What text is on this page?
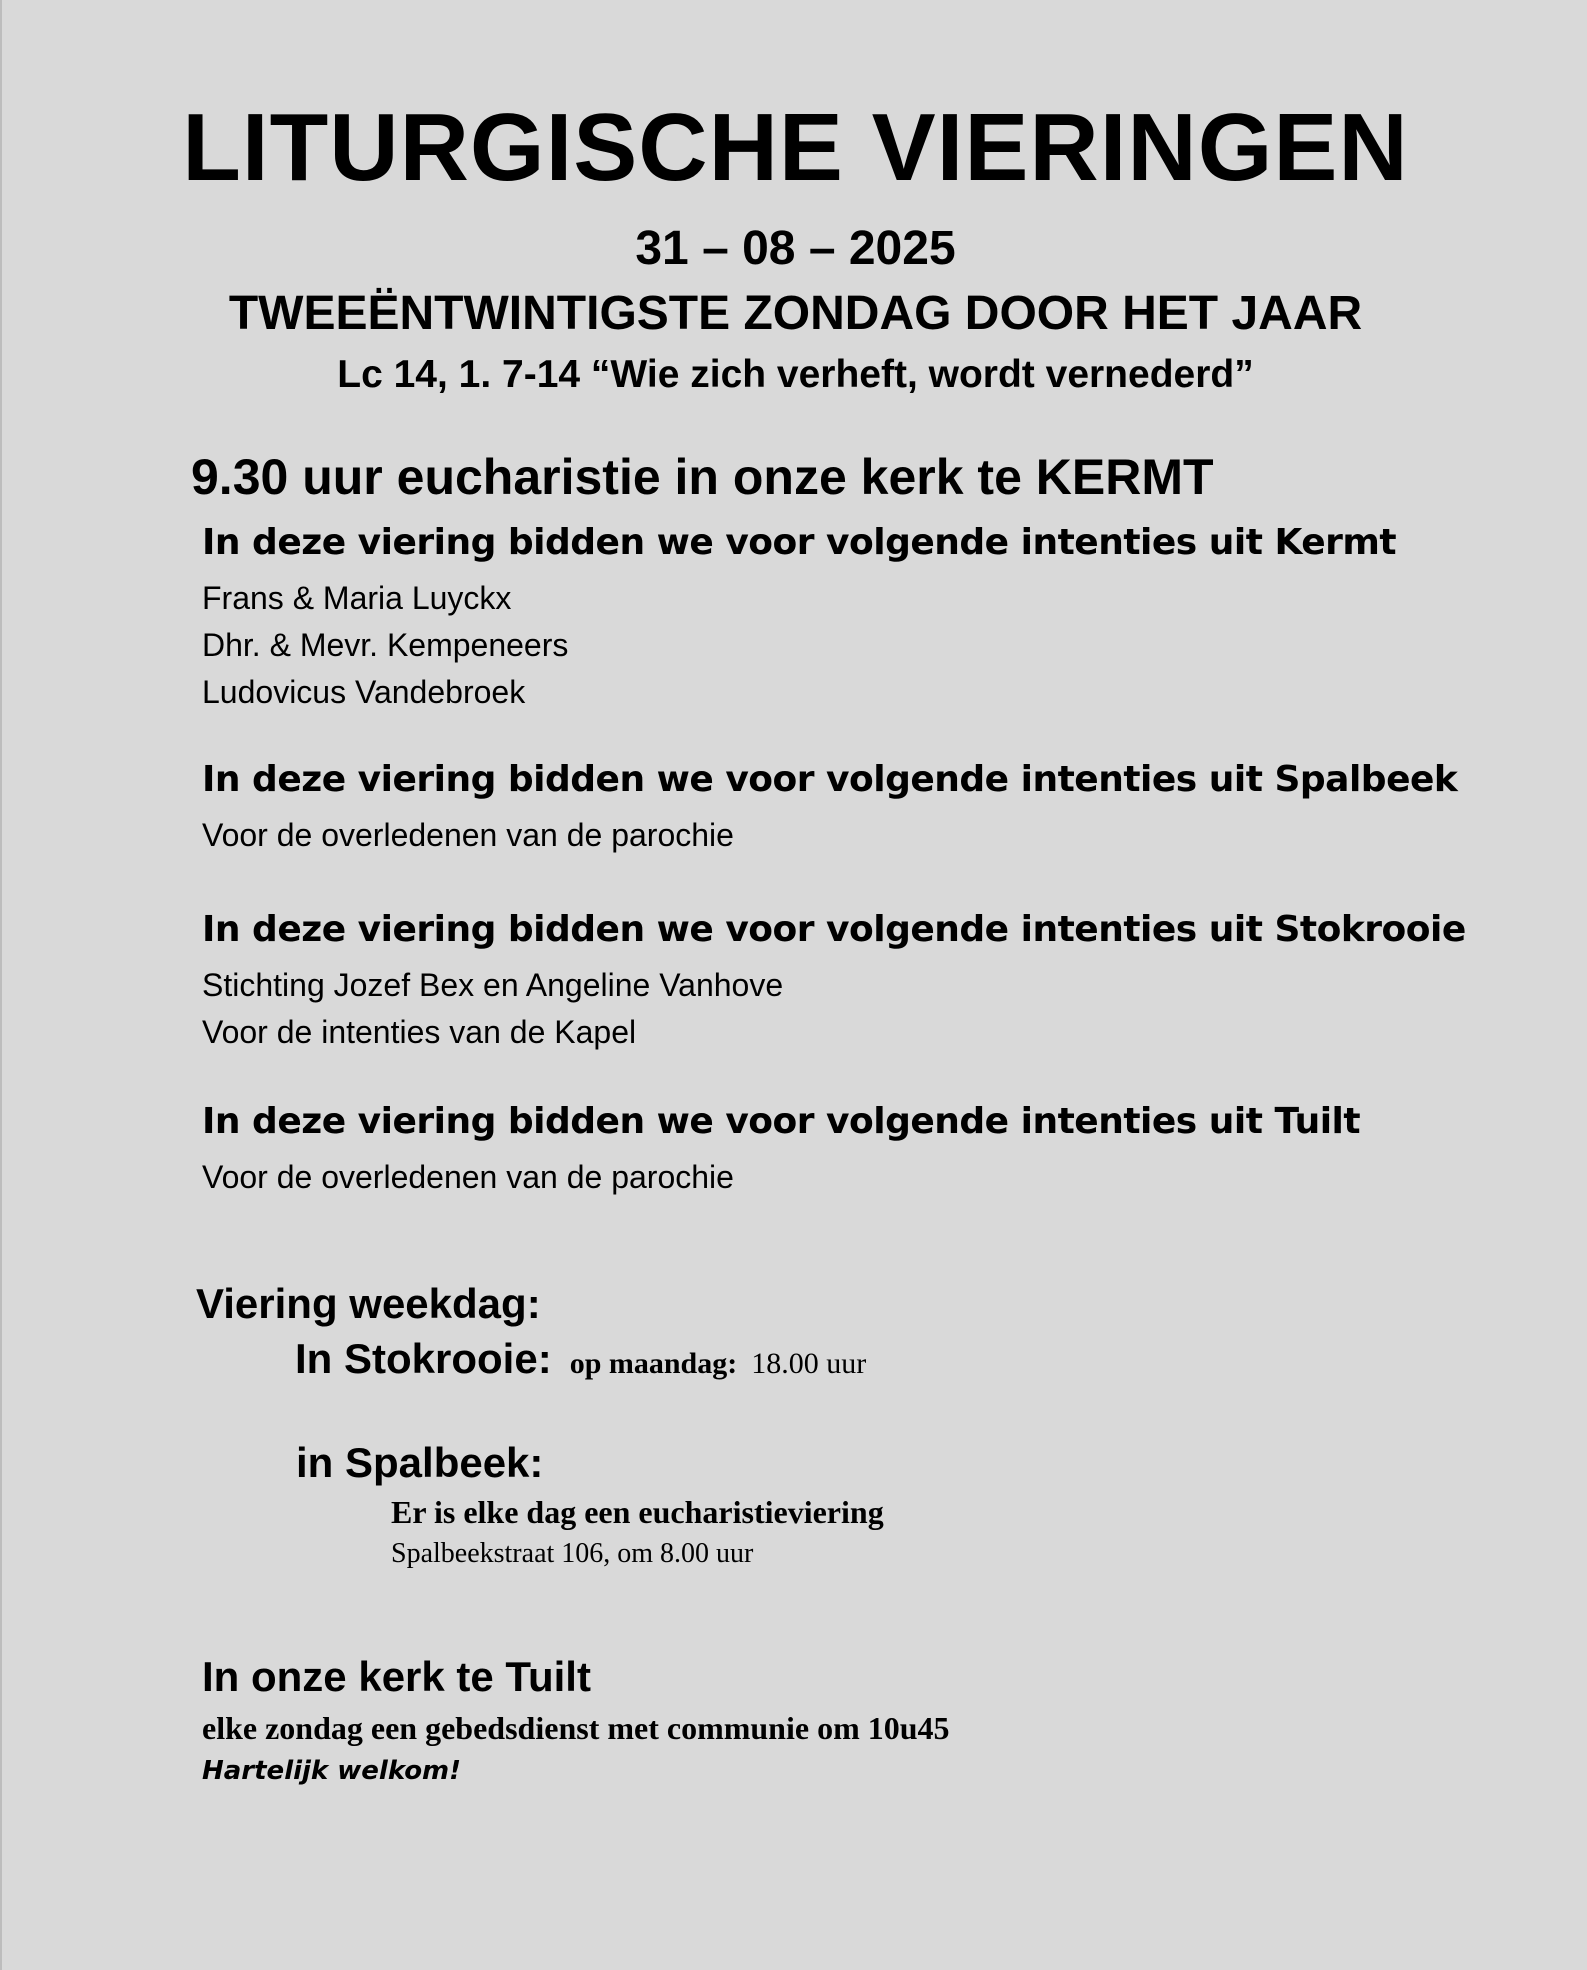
LITURGISCHE VIERINGEN
31 – 08 – 2025
TWEEËNTWINTIGSTE ZONDAG DOOR HET JAAR
Lc 14, 1. 7-14 “Wie zich verheft, wordt vernederd”
9.30 uur eucharistie in onze kerk te KERMT
In deze viering bidden we voor volgende intenties uit Kermt
Frans & Maria Luyckx
Dhr. & Mevr. Kempeneers
Ludovicus Vandebroek
In deze viering bidden we voor volgende intenties uit Spalbeek
Voor de overledenen van de parochie
In deze viering bidden we voor volgende intenties uit Stokrooie
Stichting Jozef Bex en Angeline Vanhove
Voor de intenties van de Kapel
In deze viering bidden we voor volgende intenties uit Tuilt
Voor de overledenen van de parochie
Viering weekdag:
In Stokrooie: op maandag: 18.00 uur
in Spalbeek:
Er is elke dag een eucharistieviering
Spalbeekstraat 106, om 8.00 uur
In onze kerk te Tuilt
elke zondag een gebedsdienst met communie om 10u45
Hartelijk welkom!
